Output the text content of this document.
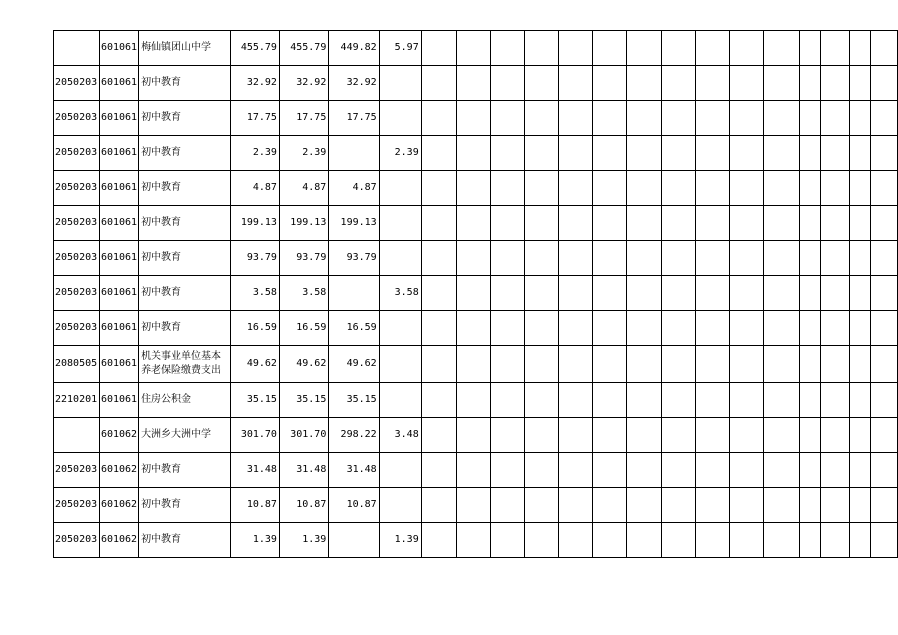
	601061	梅仙镇团山中学	455.79	455.79	449.82	5.97															
2050203	601061	初中教育	32.92	32.92	32.92																
2050203	601061	初中教育	17.75	17.75	17.75																
2050203	601061	初中教育	2.39	2.39		2.39															
2050203	601061	初中教育	4.87	4.87	4.87																
2050203	601061	初中教育	199.13	199.13	199.13																
2050203	601061	初中教育	93.79	93.79	93.79																
2050203	601061	初中教育	3.58	3.58		3.58															
2050203	601061	初中教育	16.59	16.59	16.59																
2080505	601061	机关事业单位基本养老保险缴费支出	49.62	49.62	49.62																
2210201	601061	住房公积金	35.15	35.15	35.15																
	601062	大洲乡大洲中学	301.70	301.70	298.22	3.48															
2050203	601062	初中教育	31.48	31.48	31.48																
2050203	601062	初中教育	10.87	10.87	10.87																
2050203	601062	初中教育	1.39	1.39		1.39															
